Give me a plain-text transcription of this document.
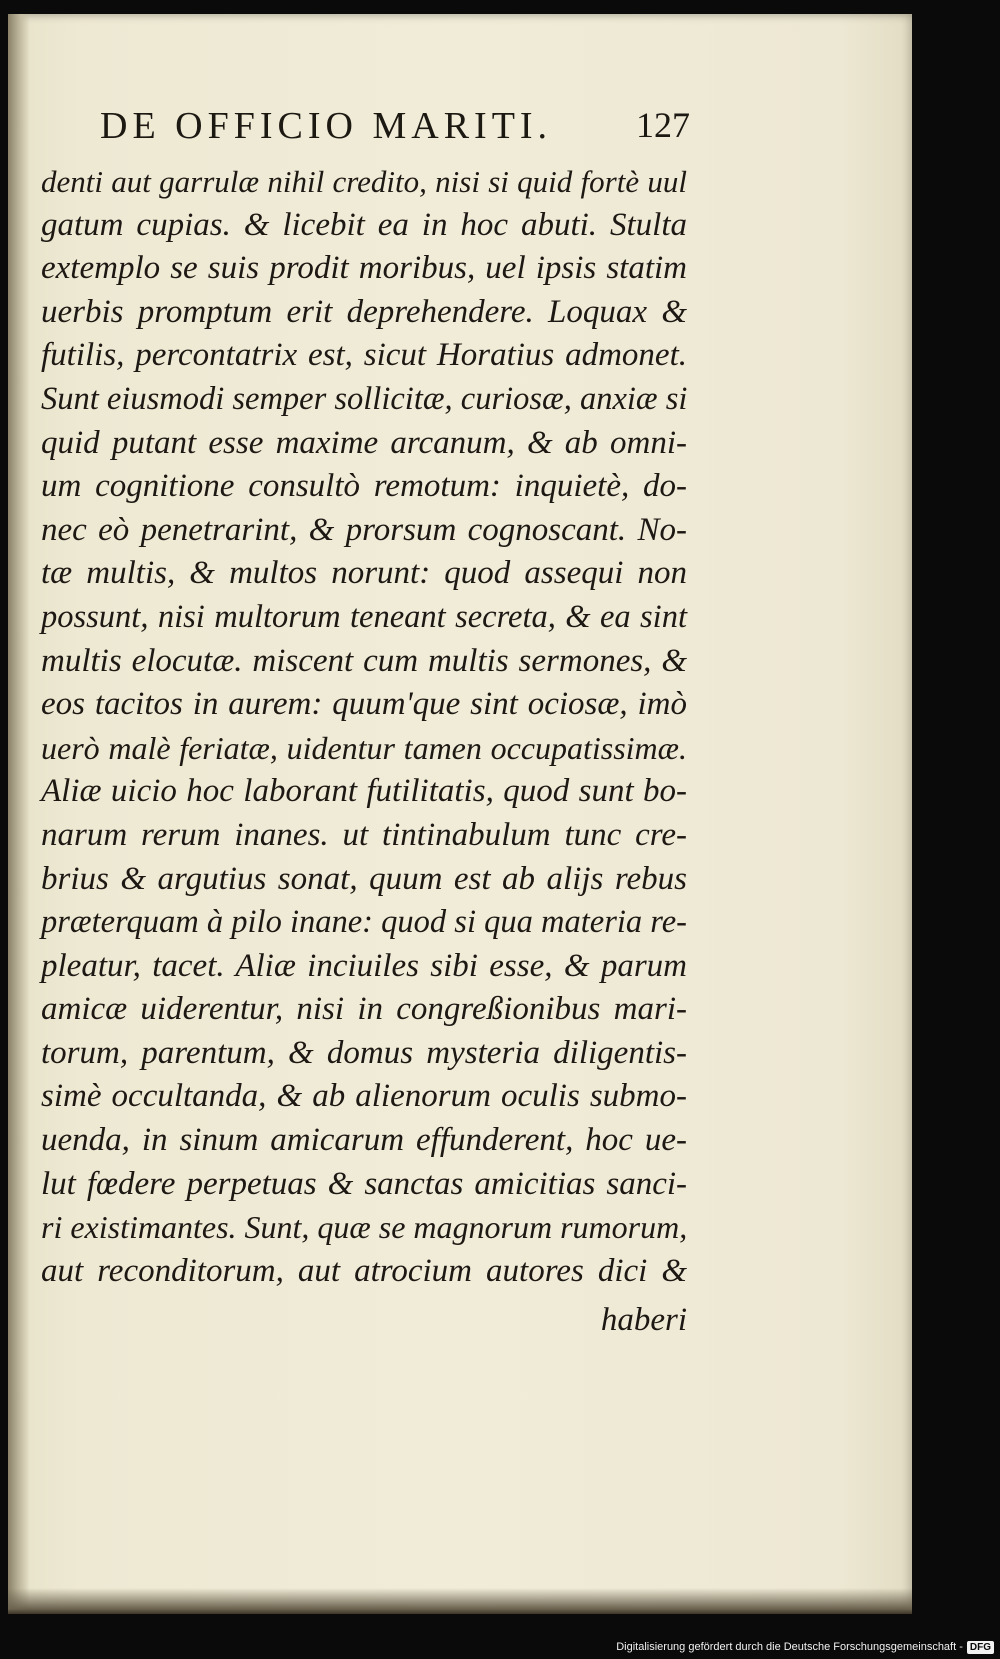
DE OFFICIO MARITI. 127
denti aut garrulæ nihil credito, nisi si quid fortè uul
gatum cupias. & licebit ea in hoc abuti. Stulta
extemplo se suis prodit moribus, uel ipsis statim
uerbis promptum erit deprehendere. Loquax &
futilis, percontatrix est, sicut Horatius admonet.
Sunt eiusmodi semper sollicitæ, curiosæ, anxiæ si
quid putant esse maxime arcanum, & ab omni-
um cognitione consultò remotum: inquietè, do-
nec eò penetrarint, & prorsum cognoscant. No-
tæ multis, & multos norunt: quod assequi non
possunt, nisi multorum teneant secreta, & ea sint
multis elocutæ. miscent cum multis sermones, &
eos tacitos in aurem: quum'que sint ociosæ, imò
uerò malè feriatæ, uidentur tamen occupatissimæ.
Aliæ uicio hoc laborant futilitatis, quod sunt bo-
narum rerum inanes. ut tintinabulum tunc cre-
brius & argutius sonat, quum est ab alijs rebus
præterquam à pilo inane: quod si qua materia re-
pleatur, tacet. Aliæ inciuiles sibi esse, & parum
amicæ uiderentur, nisi in congreßionibus mari-
torum, parentum, & domus mysteria diligentis-
simè occultanda, & ab alienorum oculis submo-
uenda, in sinum amicarum effunderent, hoc ue-
lut fœdere perpetuas & sanctas amicitias sanci-
ri existimantes. Sunt, quæ se magnorum rumorum,
aut reconditorum, aut atrocium autores dici &
haberi
Digitalisierung gefördert durch die Deutsche Forschungsgemeinschaft - DFG
